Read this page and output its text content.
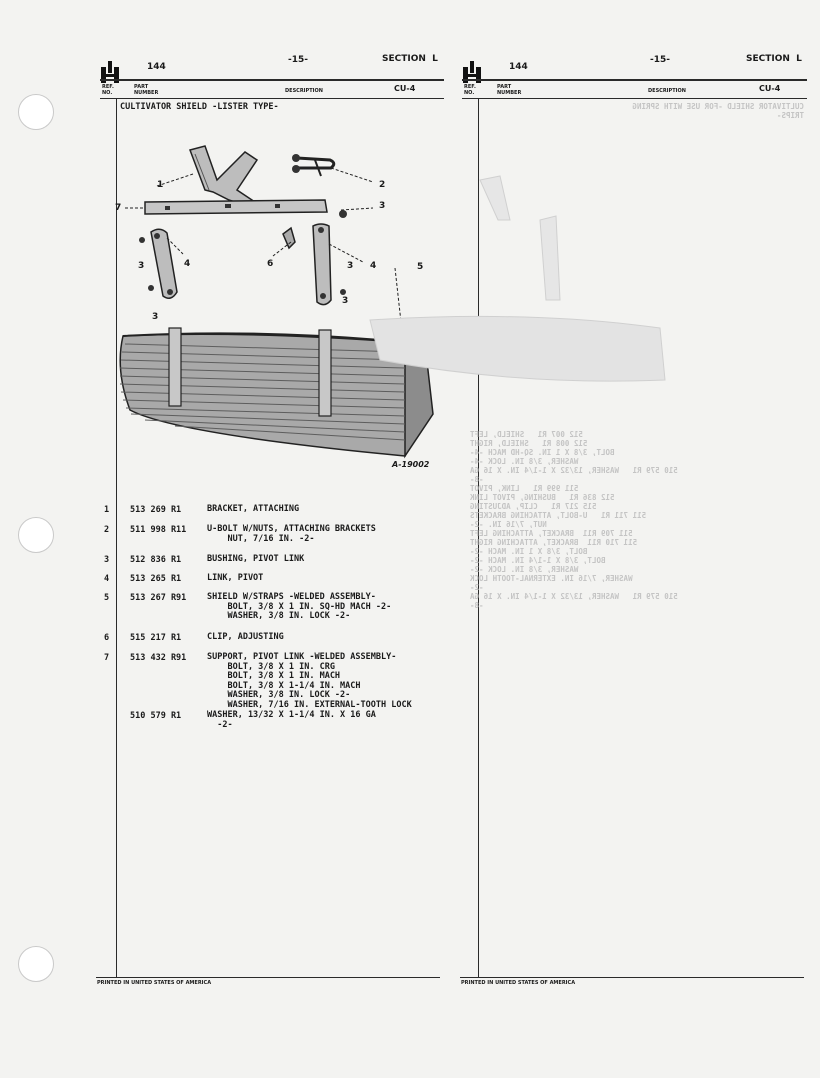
144
-15-	SECTION  L
REF.
NO.
PART
NUMBER	DESCRIPTION	CU-4
CULTIVATOR SHIELD -LISTER TYPE-
1	2
7	3
3	4	6	3 4	5
3
3
A-19002
1	513 269 R1	BRACKET, ATTACHING
2	511 998 R11 U-BOLT W/NUTS, ATTACHING BRACKETS
NUT, 7/16 IN. -2-
3	512 836 R1	BUSHING, PIVOT LINK
4	513 265 R1	LINK, PIVOT
5	513 267 R91 SHIELD W/STRAPS -WELDED ASSEMBLY-
BOLT, 3/8 X 1 IN. SQ-HD MACH -2-
WASHER, 3/8 IN. LOCK -2-
6	515 217 R1	CLIP, ADJUSTING
7	513 432 R91 SUPPORT, PIVOT LINK -WELDED ASSEMBLY-
BOLT, 3/8 X 1 IN. CRG
BOLT, 3/8 X 1 IN. MACH
BOLT, 3/8 X 1-1/4 IN. MACH
WASHER, 3/8 IN. LOCK -2-
WASHER, 7/16 IN. EXTERNAL-TOOTH LOCK
510 579 R1	WASHER, 13/32 X 1-1/4 IN. X 16 GA
-2-
PRINTED IN UNITED STATES OF AMERICA
144
-15-	SECTION  L
REF.
NO.
PART
NUMBER	DESCRIPTION	CU-4
CULTIVATOR SHIELD -FOR USE WITH SPRING
TRIPS-
512 007 R1   SHIELD, LEFT
512 008 R1   SHIELD, RIGHT
BOLT, 3/8 X 1 IN. SQ-HD MACH -4-
WASHER, 3/8 IN. LOCK -4-
510 579 R1   WASHER, 13/32 X 1-1/4 IN. X 16 GA
-8-
511 999 R1   LINK, PIVOT
512 836 R1   BUSHING, PIVOT LINK
515 217 R1   CLIP, ADJUSTING
511 711 R1   U-BOLT, ATTACHING BRACKETS
NUT, 7/16 IN. -2-
511 709 R11  BRACKET, ATTACHING LEFT
511 710 R11  BRACKET, ATTACHING RIGHT
BOLT, 3/8 X 1 IN. MACH -2-
BOLT, 3/8 X 1-1/4 IN. MACH -2-
WASHER, 3/8 IN. LOCK -2-
WASHER, 7/16 IN. EXTERNAL-TOOTH LOCK
-2-
510 579 R1   WASHER, 13/32 X 1-1/4 IN. X 16 GA
-8-
PRINTED IN UNITED STATES OF AMERICA
